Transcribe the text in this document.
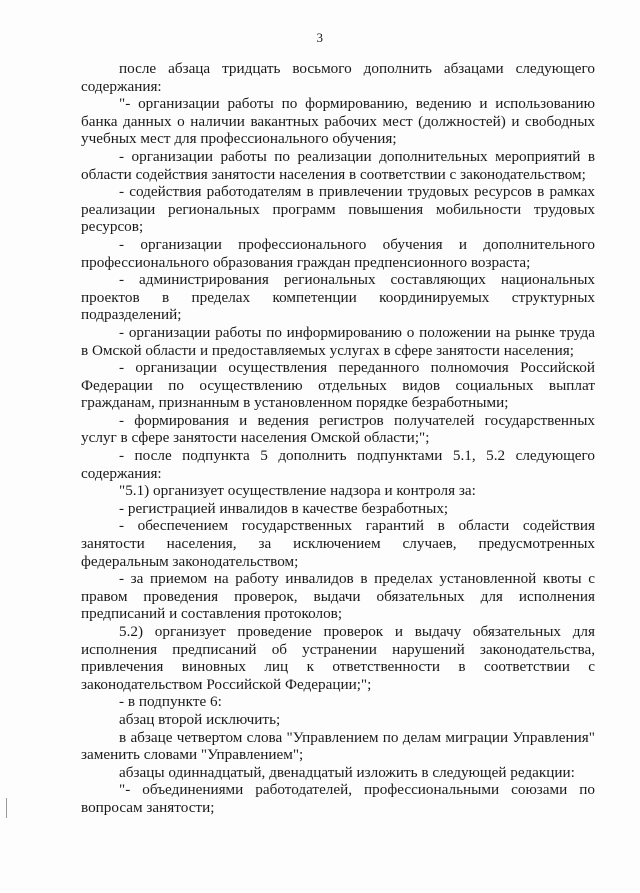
3

после абзаца тридцать восьмого дополнить абзацами следующего содержания:

"- организации работы по формированию, ведению и использованию банка данных о наличии вакантных рабочих мест (должностей) и свободных учебных мест для профессионального обучения;

- организации работы по реализации дополнительных мероприятий в области содействия занятости населения в соответствии с законодательством;

- содействия работодателям в привлечении трудовых ресурсов в рамках реализации региональных программ повышения мобильности трудовых ресурсов;

- организации профессионального обучения и дополнительного профессионального образования граждан предпенсионного возраста;

- администрирования региональных составляющих национальных проектов в пределах компетенции координируемых структурных подразделений;

- организации работы по информированию о положении на рынке труда в Омской области и предоставляемых услугах в сфере занятости населения;

- организации осуществления переданного полномочия Российской Федерации по осуществлению отдельных видов социальных выплат гражданам, признанным в установленном порядке безработными;

- формирования и ведения регистров получателей государственных услуг в сфере занятости населения Омской области;";

- после подпункта 5 дополнить подпунктами 5.1, 5.2 следующего содержания:

"5.1) организует осуществление надзора и контроля за:

- регистрацией инвалидов в качестве безработных;

- обеспечением государственных гарантий в области содействия занятости населения, за исключением случаев, предусмотренных федеральным законодательством;

- за приемом на работу инвалидов в пределах установленной квоты с правом проведения проверок, выдачи обязательных для исполнения предписаний и составления протоколов;

5.2) организует проведение проверок и выдачу обязательных для исполнения предписаний об устранении нарушений законодательства, привлечения виновных лиц к ответственности в соответствии с законодательством Российской Федерации;";

- в подпункте 6:

абзац второй исключить;

в абзаце четвертом слова "Управлением по делам миграции Управления" заменить словами "Управлением";

абзацы одиннадцатый, двенадцатый изложить в следующей редакции:

"- объединениями работодателей, профессиональными союзами по вопросам занятости;
